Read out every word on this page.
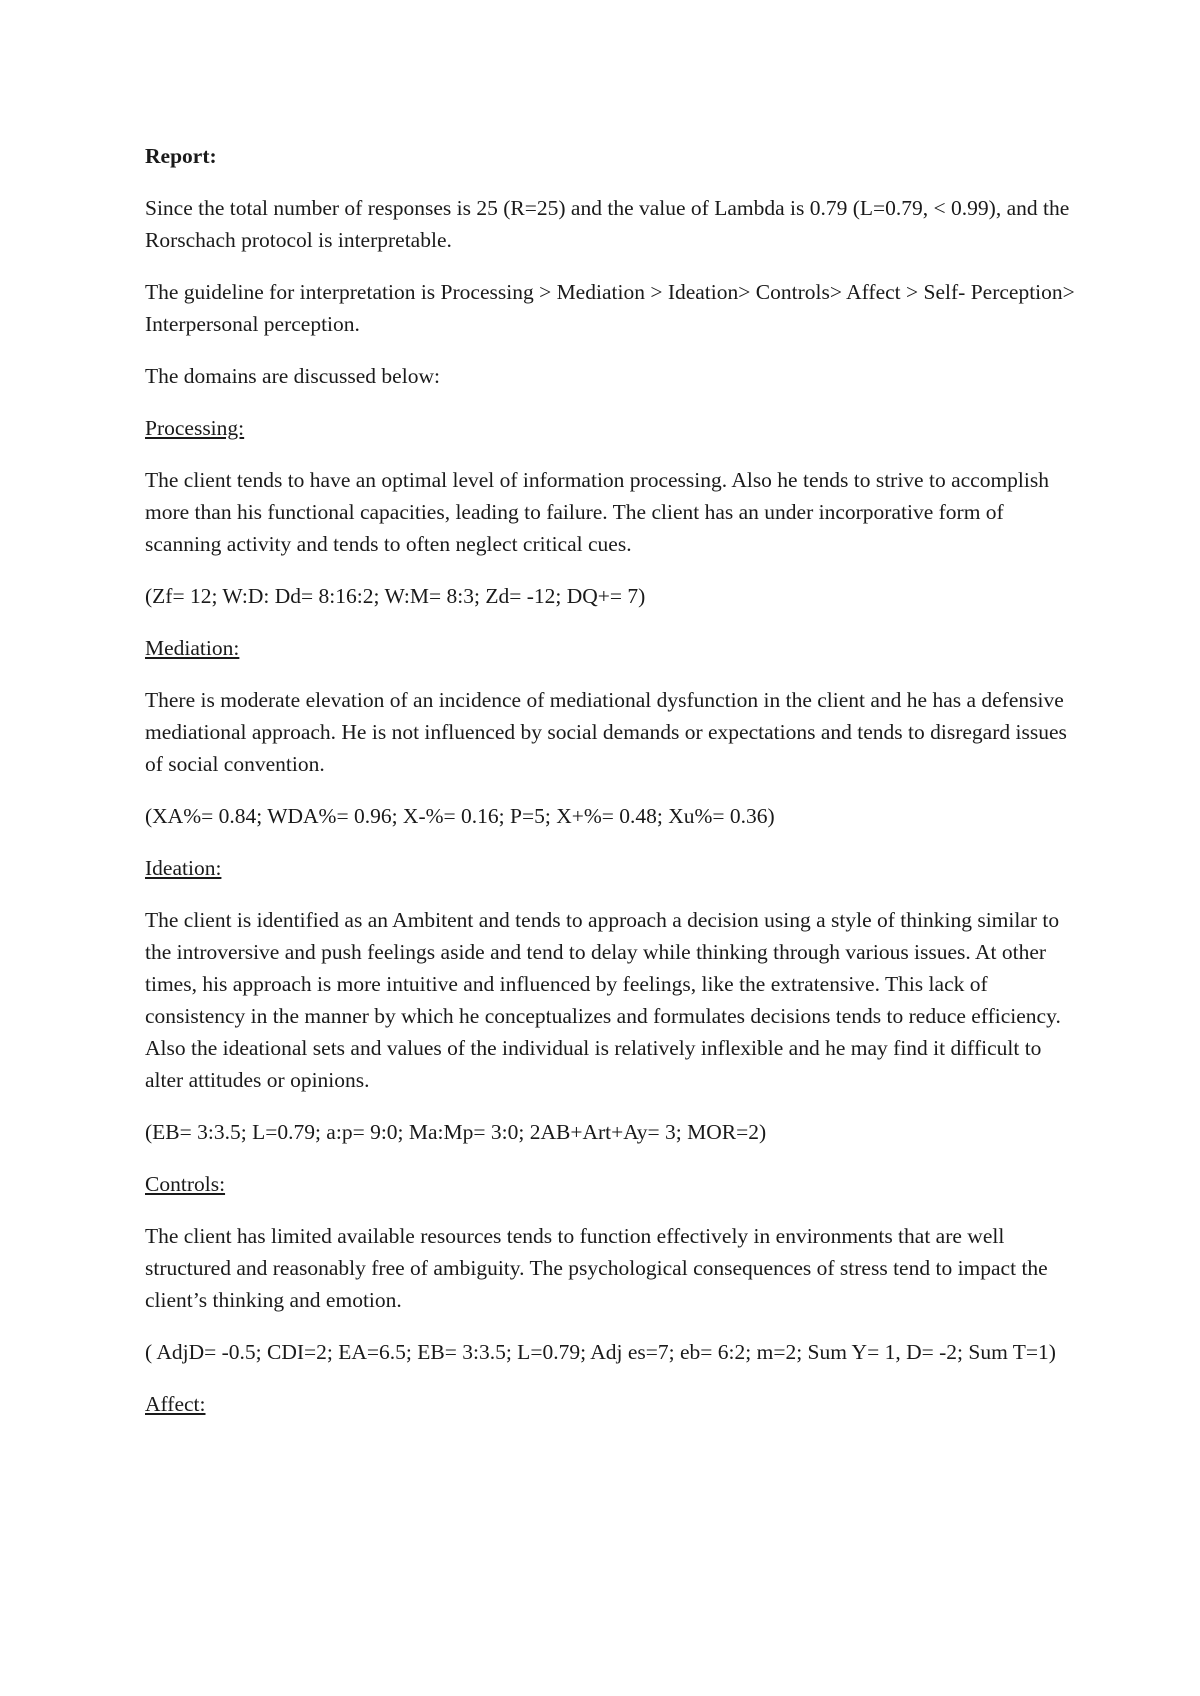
Report:

Since the total number of responses is 25 (R=25) and the value of Lambda is 0.79 (L=0.79, < 0.99), and the Rorschach protocol is interpretable.

The guideline for interpretation is Processing > Mediation > Ideation> Controls> Affect > Self- Perception> Interpersonal perception.

The domains are discussed below:

Processing:

The client tends to have an optimal level of information processing. Also he tends to strive to accomplish more than his functional capacities, leading to failure. The client has an under incorporative form of scanning activity and tends to often neglect critical cues.

(Zf= 12; W:D: Dd= 8:16:2; W:M= 8:3; Zd= -12; DQ+= 7)

Mediation:

There is moderate elevation of an incidence of mediational dysfunction in the client and he has a defensive mediational approach. He is not influenced by social demands or expectations and tends to disregard issues of social convention.

(XA%= 0.84; WDA%= 0.96; X-%= 0.16; P=5; X+%= 0.48; Xu%= 0.36)

Ideation:

The client is identified as an Ambitent and tends to approach a decision using a style of thinking similar to the introversive and push feelings aside and tend to delay while thinking through various issues. At other times, his approach is more intuitive and influenced by feelings, like the extratensive. This lack of consistency in the manner by which he conceptualizes and formulates decisions tends to reduce efficiency. Also the ideational sets and values of the individual is relatively inflexible and he may find it difficult to alter attitudes or opinions.

(EB= 3:3.5; L=0.79; a:p= 9:0; Ma:Mp= 3:0; 2AB+Art+Ay= 3; MOR=2)

Controls:

The client has limited available resources tends to function effectively in environments that are well structured and reasonably free of ambiguity. The psychological consequences of stress tend to impact the client’s thinking and emotion.

( AdjD= -0.5; CDI=2; EA=6.5; EB= 3:3.5; L=0.79; Adj es=7; eb= 6:2; m=2; Sum Y= 1, D= -2; Sum T=1)

Affect:
